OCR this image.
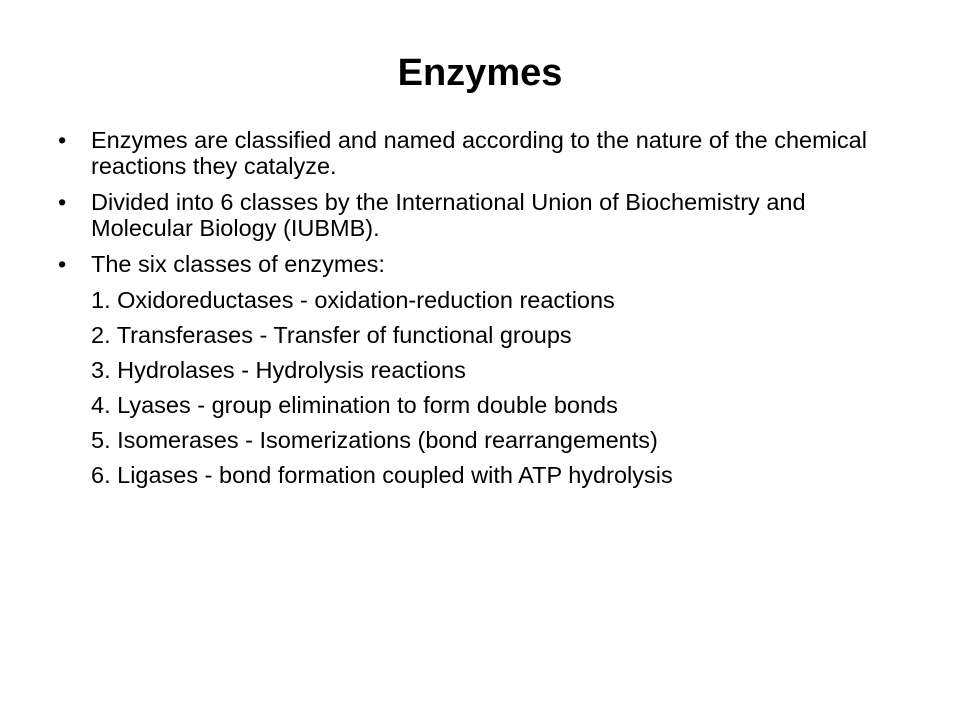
Enzymes
• Enzymes are classified and named according to the nature of the chemical reactions they catalyze.
• Divided into 6 classes by the International Union of Biochemistry and Molecular Biology (IUBMB).
• The six classes of enzymes:
1. Oxidoreductases - oxidation-reduction reactions
2. Transferases - Transfer of functional groups
3. Hydrolases - Hydrolysis reactions
4. Lyases - group elimination to form double bonds
5. Isomerases - Isomerizations (bond rearrangements)
6. Ligases - bond formation coupled with ATP hydrolysis
